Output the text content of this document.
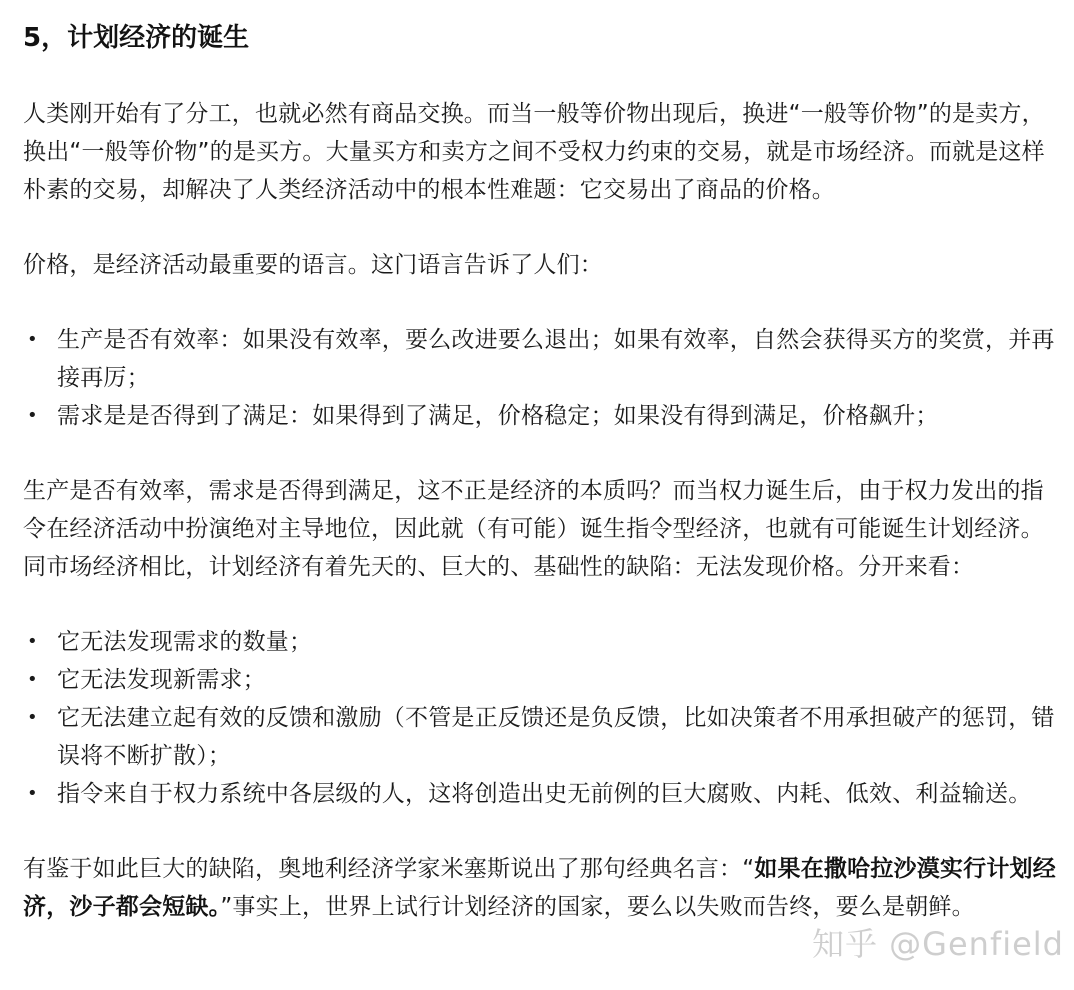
5，计划经济的诞生

人类刚开始有了分工，也就必然有商品交换。而当一般等价物出现后，换进“一般等价物”的是卖方，换出“一般等价物”的是买方。大量买方和卖方之间不受权力约束的交易，就是市场经济。而就是这样朴素的交易，却解决了人类经济活动中的根本性难题：它交易出了商品的价格。

价格，是经济活动最重要的语言。这门语言告诉了人们：

• 生产是否有效率：如果没有效率，要么改进要么退出；如果有效率，自然会获得买方的奖赏，并再接再厉；
• 需求是是否得到了满足：如果得到了满足，价格稳定；如果没有得到满足，价格飙升；

生产是否有效率，需求是否得到满足，这不正是经济的本质吗？而当权力诞生后，由于权力发出的指令在经济活动中扮演绝对主导地位，因此就（有可能）诞生指令型经济，也就有可能诞生计划经济。同市场经济相比，计划经济有着先天的、巨大的、基础性的缺陷：无法发现价格。分开来看：

• 它无法发现需求的数量；
• 它无法发现新需求；
• 它无法建立起有效的反馈和激励（不管是正反馈还是负反馈，比如决策者不用承担破产的惩罚，错误将不断扩散）；
• 指令来自于权力系统中各层级的人，这将创造出史无前例的巨大腐败、内耗、低效、利益输送。

有鉴于如此巨大的缺陷，奥地利经济学家米塞斯说出了那句经典名言：“如果在撒哈拉沙漠实行计划经济，沙子都会短缺。”事实上，世界上试行计划经济的国家，要么以失败而告终，要么是朝鲜。

知乎 @Genfield
